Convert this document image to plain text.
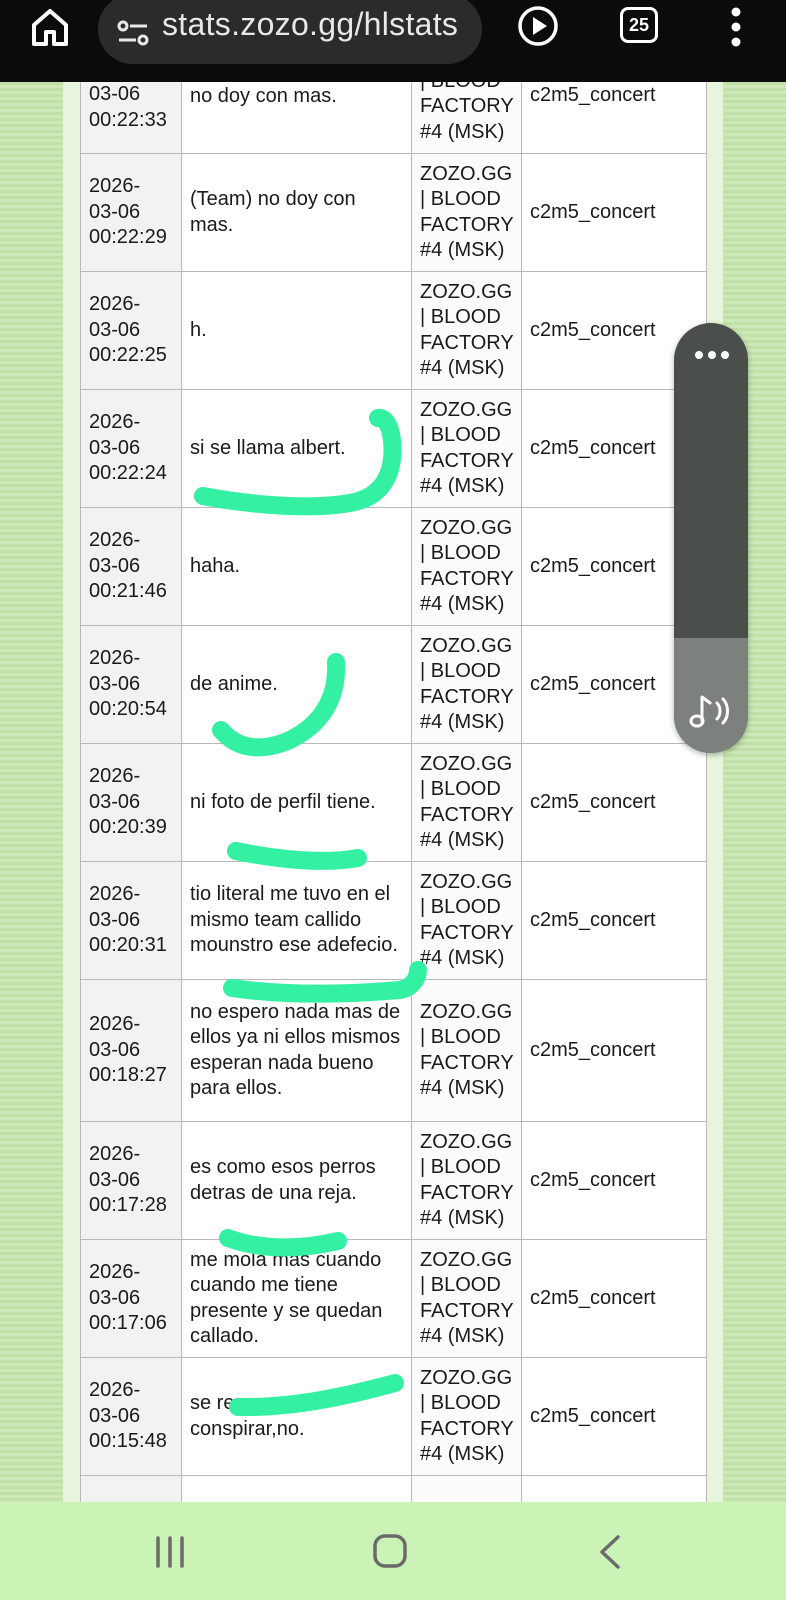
stats.zozo.gg/hlstats	25
03-06 00:22:33	no doy con mas.	FACTORY #4 (MSK)	c2m5_concert
2026- 03-06 00:22:29	(Team) no doy con mas.	ZOZO.GG | BLOOD FACTORY #4 (MSK)	c2m5_concert
2026- 03-06 00:22:25	h.	ZOZO.GG | BLOOD FACTORY #4 (MSK)	c2m5_concert
2026- 03-06 00:22:24	si se llama albert.	ZOZO.GG | BLOOD FACTORY #4 (MSK)	c2m5_concert
2026- 03-06 00:21:46	haha.	ZOZO.GG | BLOOD FACTORY #4 (MSK)	c2m5_concert
2026- 03-06 00:20:54	de anime.	ZOZO.GG | BLOOD FACTORY #4 (MSK)	c2m5_concert
2026- 03-06 00:20:39	ni foto de perfil tiene.	ZOZO.GG | BLOOD FACTORY #4 (MSK)	c2m5_concert
2026- 03-06 00:20:31	tio literal me tuvo en el mismo team callido mounstro ese adefecio.	ZOZO.GG | BLOOD FACTORY #4 (MSK)	c2m5_concert
2026- 03-06 00:18:27	no espero nada mas de ellos ya ni ellos mismos esperan nada bueno para ellos.	ZOZO.GG | BLOOD FACTORY #4 (MSK)	c2m5_concert
2026- 03-06 00:17:28	es como esos perros detras de una reja.	ZOZO.GG | BLOOD FACTORY #4 (MSK)	c2m5_concert
2026- 03-06 00:17:06	me mola mas cuando cuando me tiene presente y se quedan callado.	ZOZO.GG | BLOOD FACTORY #4 (MSK)	c2m5_concert
2026- 03-06 00:15:48	se reunen a conspirar,no.	ZOZO.GG | BLOOD FACTORY #4 (MSK)	c2m5_concert
